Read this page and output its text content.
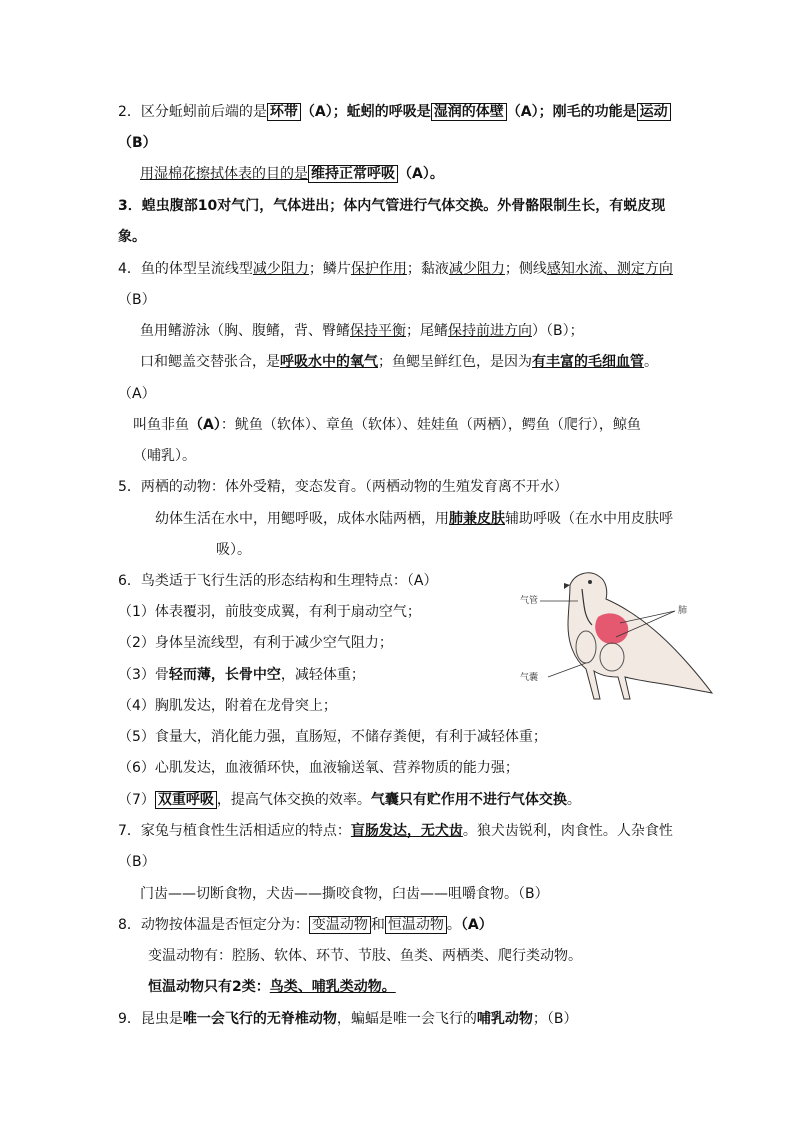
2．区分蚯蚓前后端的是 环带 （A）；蚯蚓的呼吸是 湿润的体壁 （A）；刚毛的功能是 运动
（B）
用湿棉花擦拭体表的目的是 维持正常呼吸 （A）。
3．蝗虫腹部10对气门，气体进出；体内气管进行气体交换。外骨骼限制生长，有蜕皮现
象。
4．鱼的体型呈流线型减少阻力；鳞片保护作用；黏液减少阻力；侧线感知水流、测定方向
（B）
鱼用鳍游泳（胸、腹鳍，背、臀鳍保持平衡；尾鳍保持前进方向）（B）；
口和鳃盖交替张合，是呼吸水中的氧气；鱼鳃呈鲜红色，是因为有丰富的毛细血管。
（A）
叫鱼非鱼（A）：鱿鱼（软体）、章鱼（软体）、娃娃鱼（两栖），鳄鱼（爬行），鲸鱼
（哺乳）。
5．两栖的动物：体外受精，变态发育。（两栖动物的生殖发育离不开水）
幼体生活在水中，用鳃呼吸，成体水陆两栖，用肺兼皮肤辅助呼吸（在水中用皮肤呼
吸）。
6．鸟类适于飞行生活的形态结构和生理特点：（A）
（1）体表覆羽，前肢变成翼，有利于扇动空气；
（2）身体呈流线型，有利于减少空气阻力；
（3）骨轻而薄，长骨中空，减轻体重；
（4）胸肌发达，附着在龙骨突上；
（5）食量大，消化能力强，直肠短，不储存粪便，有利于减轻体重；
（6）心肌发达，血液循环快，血液输送氧、营养物质的能力强；
（7） 双重呼吸 ，提高气体交换的效率。气囊只有贮作用不进行气体交换。
7．家兔与植食性生活相适应的特点：盲肠发达，无犬齿。狼犬齿锐利，肉食性。人杂食性
（B）
门齿——切断食物，犬齿——撕咬食物，臼齿——咀嚼食物。（B）
8．动物按体温是否恒定分为： 变温动物 和 恒温动物 。（A）
变温动物有：腔肠、软体、环节、节肢、鱼类、两栖类、爬行类动物。
恒温动物只有2类：鸟类、哺乳类动物。
9．昆虫是唯一会飞行的无脊椎动物，蝙蝠是唯一会飞行的哺乳动物；（B）
气管
肺
气囊
